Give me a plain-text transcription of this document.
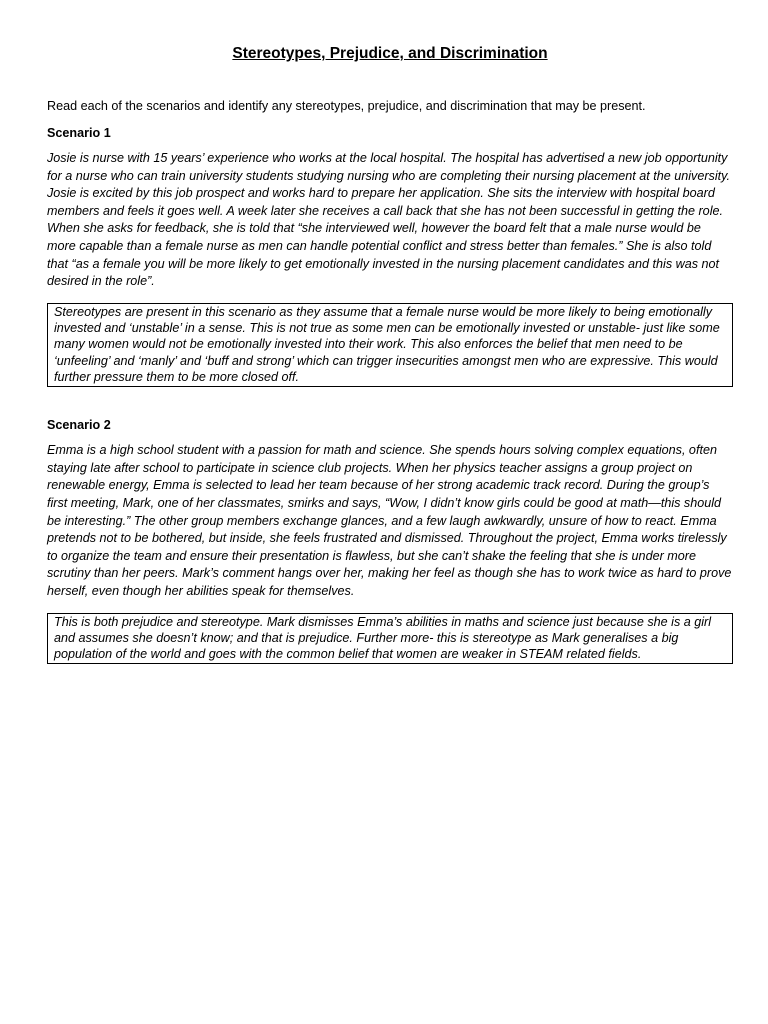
Stereotypes, Prejudice, and Discrimination

Read each of the scenarios and identify any stereotypes, prejudice, and discrimination that may be present.

Scenario 1

Josie is nurse with 15 years’ experience who works at the local hospital. The hospital has advertised a new job opportunity for a nurse who can train university students studying nursing who are completing their nursing placement at the university. Josie is excited by this job prospect and works hard to prepare her application. She sits the interview with hospital board members and feels it goes well. A week later she receives a call back that she has not been successful in getting the role. When she asks for feedback, she is told that “she interviewed well, however the board felt that a male nurse would be more capable than a female nurse as men can handle potential conflict and stress better than females.” She is also told that “as a female you will be more likely to get emotionally invested in the nursing placement candidates and this was not desired in the role”.

Stereotypes are present in this scenario as they assume that a female nurse would be more likely to being emotionally invested and ‘unstable’ in a sense. This is not true as some men can be emotionally invested or unstable- just like some many women would not be emotionally invested into their work. This also enforces the belief that men need to be ‘unfeeling’ and ‘manly’ and ‘buff and strong’ which can trigger insecurities amongst men who are expressive. This would further pressure them to be more closed off.

Scenario 2

Emma is a high school student with a passion for math and science. She spends hours solving complex equations, often staying late after school to participate in science club projects. When her physics teacher assigns a group project on renewable energy, Emma is selected to lead her team because of her strong academic track record. During the group’s first meeting, Mark, one of her classmates, smirks and says, “Wow, I didn’t know girls could be good at math—this should be interesting.” The other group members exchange glances, and a few laugh awkwardly, unsure of how to react. Emma pretends not to be bothered, but inside, she feels frustrated and dismissed. Throughout the project, Emma works tirelessly to organize the team and ensure their presentation is flawless, but she can’t shake the feeling that she is under more scrutiny than her peers. Mark’s comment hangs over her, making her feel as though she has to work twice as hard to prove herself, even though her abilities speak for themselves.

This is both prejudice and stereotype. Mark dismisses Emma’s abilities in maths and science just because she is a girl and assumes she doesn’t know; and that is prejudice. Further more- this is stereotype as Mark generalises a big population of the world and goes with the common belief that women are weaker in STEAM related fields.
